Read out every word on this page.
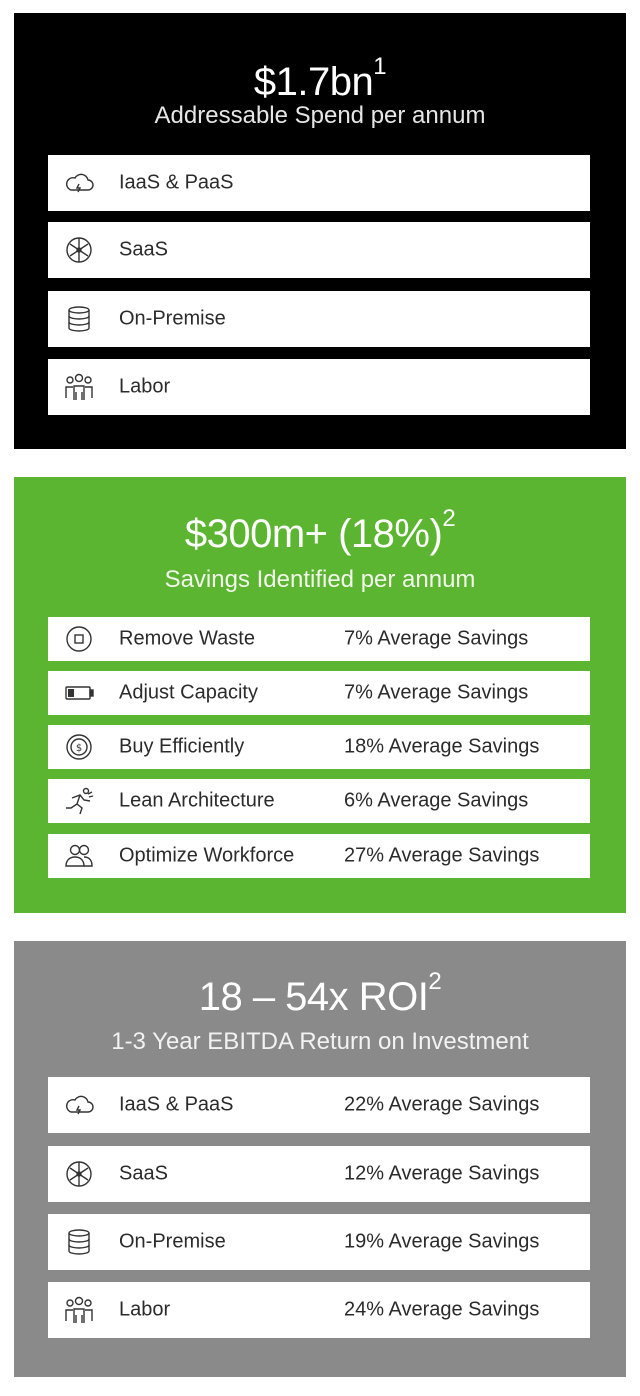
$\$1.7bn^1$
Addressable Spend per annum
IaaS & PaaS
SaaS
On-Premise
Labor
$300m+ $(18\%)^2$
Savings Identified per annum
Remove Waste	7% Average Savings
Adjust Capacity	7% Average Savings
$ Buy Efficiently	18% Average Savings
Lean Architecture	6% Average Savings
Optimize Workforce 27% Average Savings
18 – 54x ROI$^2$
1-3 Year EBITDA Return on Investment
IaaS & PaaS	22% Average Savings
SaaS	12% Average Savings
On-Premise	19% Average Savings
Labor	24% Average Savings
